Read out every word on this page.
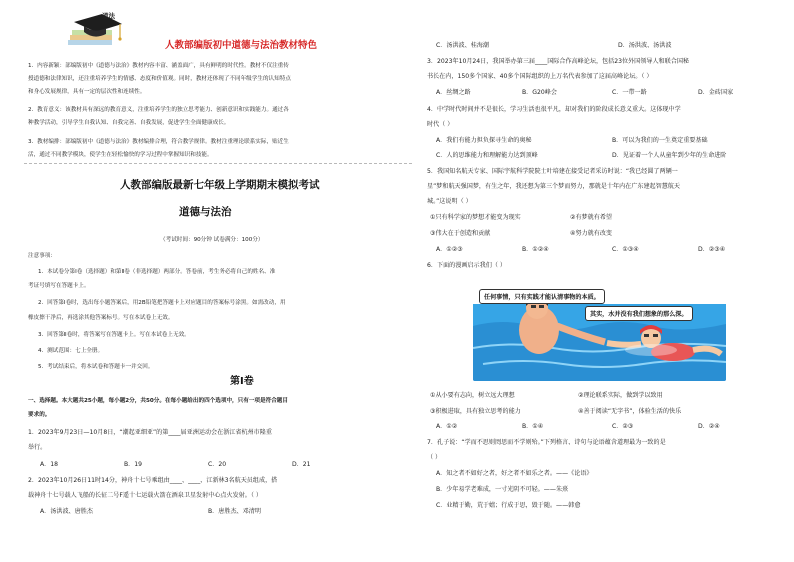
道法
人教部编版初中道德与法治教材特色
1．内容新颖：部编版初中《道德与法治》教材内容丰富、涵盖面广，具有鲜明的时代性。教材不仅注重传
授道德和法律知识，还注重培养学生的情感、态度和价值观。同时，教材还体现了不同年级学生的认知特点
和身心发展规律，具有一定的层次性和连续性。
2．教育意义：该教材具有深远的教育意义，注重培养学生的独立思考能力、创新意识和实践能力。通过各
种教学活动，引导学生自我认知、自我完善、自我发展，促进学生全面健康成长。
3．教材编排：部编版初中《道德与法治》教材编排合理，符合教学规律。教材注重理论联系实际，贴近生
活，通过不同教学模块，使学生在轻松愉快的学习过程中掌握知识和技能。
人教部编版最新七年级上学期期末模拟考试
道德与法治
（考试时间：90分钟 试卷满分：100分）
注意事项：
1．本试卷分第Ⅰ卷（选择题）和第Ⅱ卷（非选择题）两部分。答卷前，考生务必将自己的姓名、准
考证号填写在答题卡上。
2．回答第Ⅰ卷时，选出每小题答案后，用2B铅笔把答题卡上对应题目的答案标号涂黑。如需改动，用
橡皮擦干净后，再选涂其他答案标号。写在本试卷上无效。
3．回答第Ⅱ卷时，将答案写在答题卡上。写在本试卷上无效。
4．测试范围：七上全册。
5．考试结束后，将本试卷和答题卡一并交回。
第Ⅰ卷
一、选择题。本大题共25小题，每小题2分，共50分。在每小题给出的四个选项中，只有一项是符合题目
要求的。
1．2023年9月23日—10月8日，“潮起亚细亚”的第____届亚洲运动会在浙江省杭州市隆重
举行。
A．18	B．19	C．20	D．21
2．2023年10月26日11时14分，神舟十七号乘组由____、____、江新林3名航天员组成，搭
载神舟十七号载人飞船的长征二号F遥十七运载火箭在酒泉卫星发射中心点火发射。（ ）
A．汤洪波、唐胜杰	B．唐胜杰、邓清明
C．汤洪波、桂海潮	D．汤洪波、汤洪波
3．2023年10月24日，我国举办第三届____国际合作高峰论坛，包括23位外国领导人和联合国秘
书长在内，150多个国家、40多个国际组织的上万名代表参加了这届高峰论坛。（ ）
A．丝绸之路	B．G20峰会	C．一带一路	D．金砖国家
4．中学时代时间并不是很长，学习生活也很平凡，却对我们的阶段成长意义重大。这体现中学
时代（ ）
A．我们有能力担负探寻生命的奥秘	B．可以为我们的一生奠定重要基础
C．人的思维能力和理解能力达到顶峰	D．见证着一个人从童年到少年的生命进阶
5．我国知名航天专家、国际宇航科学院院士叶培建在接受记者采访时说：“我已经圆了两辆一
星”梦和航天强国梦，有生之年，我还想为第三个梦而努力，那就是十年内在广东建起智慧航天
城。”这说明（ ）
①只有科学家的梦想才能变为现实	②有梦就有希望
③伟大在于创造和贡献	④努力就有改变
A．①②③	B．①②④	C．①③④	D．②③④
6．下面的漫画启示我们（ ）
任何事情，只有实践才能认清事物的本质。
其实，水并没有我们想象的那么深。
①从小要有志向，树立远大理想	②理论联系实际，做到学以致用
③积极进取，具有独立思考的能力	④善于阅读“无字书”，体验生活的快乐
A．①②	B．①④	C．②③	D．②④
7．孔子说：“学而不思则罔思而不学则殆。”下列格言、诗句与论语蕴含道理最为一致的是
（ ）
A．知之者不如好之者，好之者不如乐之者。——《论语》
B．少年易学老难成，一寸光阴不可轻。——朱熹
C．业精于勤，荒于嬉；行成于思，毁于随。——韩愈
